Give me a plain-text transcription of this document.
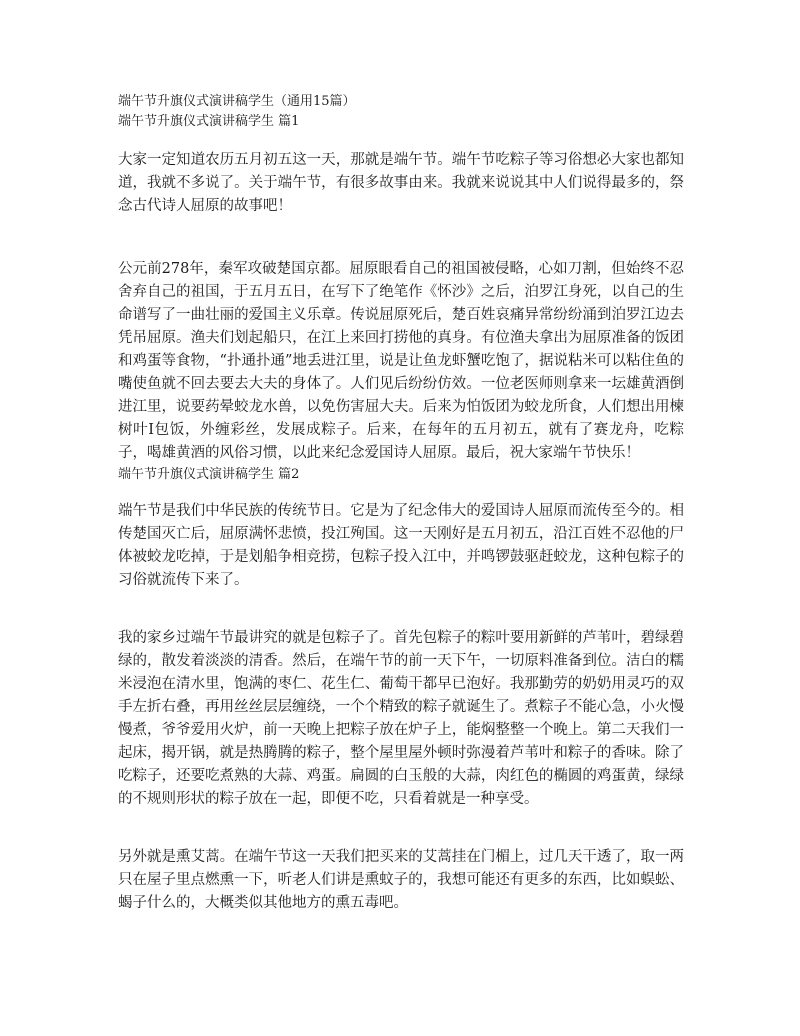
端午节升旗仪式演讲稿学生（通用15篇）

端午节升旗仪式演讲稿学生 篇1

大家一定知道农历五月初五这一天，那就是端午节。端午节吃粽子等习俗想必大家也都知道，我就不多说了。关于端午节，有很多故事由来。我就来说说其中人们说得最多的，祭念古代诗人屈原的故事吧！

公元前278年，秦军攻破楚国京都。屈原眼看自己的祖国被侵略，心如刀割，但始终不忍舍弃自己的祖国，于五月五日，在写下了绝笔作《怀沙》之后，泊罗江身死，以自己的生命谱写了一曲壮丽的爱国主义乐章。传说屈原死后，楚百姓哀痛异常纷纷涌到泊罗江边去凭吊屈原。渔夫们划起船只，在江上来回打捞他的真身。有位渔夫拿出为屈原准备的饭团和鸡蛋等食物，“扑通扑通”地丢进江里，说是让鱼龙虾蟹吃饱了，据说粘米可以粘住鱼的嘴使鱼就不回去要去大夫的身体了。人们见后纷纷仿效。一位老医师则拿来一坛雄黄酒倒进江里，说要药晕蛟龙水兽，以免伤害屈大夫。后来为怕饭团为蛟龙所食，人们想出用楝树叶I包饭，外缠彩丝，发展成粽子。后来，在每年的五月初五，就有了赛龙舟，吃粽子，喝雄黄酒的风俗习惯，以此来纪念爱国诗人屈原。最后，祝大家端午节快乐！

端午节升旗仪式演讲稿学生 篇2

端午节是我们中华民族的传统节日。它是为了纪念伟大的爱国诗人屈原而流传至今的。相传楚国灭亡后，屈原满怀悲愤，投江殉国。这一天刚好是五月初五，沿江百姓不忍他的尸体被蛟龙吃掉，于是划船争相竞捞，包粽子投入江中，并鸣锣鼓驱赶蛟龙，这种包粽子的习俗就流传下来了。

我的家乡过端午节最讲究的就是包粽子了。首先包粽子的粽叶要用新鲜的芦苇叶，碧绿碧绿的，散发着淡淡的清香。然后，在端午节的前一天下午，一切原料准备到位。洁白的糯米浸泡在清水里，饱满的枣仁、花生仁、葡萄干都早已泡好。我那勤劳的奶奶用灵巧的双手左折右叠，再用丝丝层层缠绕，一个个精致的粽子就诞生了。煮粽子不能心急，小火慢慢煮，爷爷爱用火炉，前一天晚上把粽子放在炉子上，能焖整整一个晚上。第二天我们一起床，揭开锅，就是热腾腾的粽子，整个屋里屋外顿时弥漫着芦苇叶和粽子的香味。除了吃粽子，还要吃煮熟的大蒜、鸡蛋。扁圆的白玉般的大蒜，肉红色的椭圆的鸡蛋黄，绿绿的不规则形状的粽子放在一起，即便不吃，只看着就是一种享受。

另外就是熏艾蒿。在端午节这一天我们把买来的艾蒿挂在门楣上，过几天干透了，取一两只在屋子里点燃熏一下，听老人们讲是熏蚊子的，我想可能还有更多的东西，比如蜈蚣、蝎子什么的，大概类似其他地方的熏五毒吧。
